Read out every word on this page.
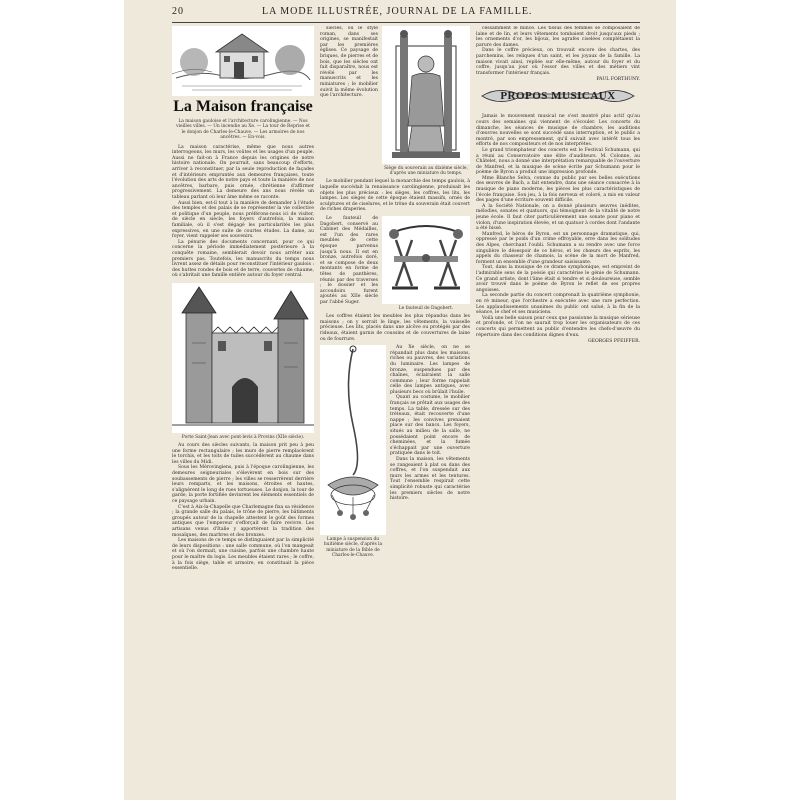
20	LA MODE ILLUSTRÉE, JOURNAL DE LA FAMILLE.
La Maison française
La maison gauloise et l'architecture carolingienne. — Nos vieilles villes. — Un incendie au Xe. — La tour de Reprise et le donjon de Charles-le-Chauve. — Les armoires de nos ancêtres. — En-vois.

La maison caractérise, même que nous autres interrogeons, les murs, les voûtes et les usages d'un peuple. Aussi ne fait-on à France depuis les origines de notre histoire nationale. On pourrait, sans beaucoup d'efforts, arriver à reconstituer, par la seule reproduction de façades et d'intérieurs empruntés aux demeures françaises, toute l'évolution des arts de notre pays et toute la manière de nos ancêtres, barbare, puis ornée, chrétienne d'affirmer progressivement. La demeure des ans nous révèle un tableau parlant où leur âme même se raconte.

Aussi bien, est-il tout à la manière de demander à l'étude des temples et des palais de se représenter la vie collective et politique d'un peuple, nous préférons-nous ici de visiter, de siècle en siècle, les foyers d'autrefois, la maison familiale, où il s'est dégagé les particularités les plus expressives, en une suite de courtes études. La dame, au foyer, vient rappeler ses souvenirs.

La pénurie des documents concernant, pour ce qui concerne la période immédiatement postérieure à la conquête romaine, semblerait devoir nous arrêter aux premiers pas. Toutefois, les manuscrits du temps nous livrent assez de détails pour reconstituer l'intérieur gaulois : des huttes rondes de bois et de terre, couvertes de chaume, où s'abritait une famille entière autour du foyer central.

Porte Saint-Jean avec pont-levis à Provins (XIIe siècle).

Au cours des siècles suivants, la maison prit peu à peu une forme rectangulaire ; les murs de pierre remplacèrent le torchis, et les toits de tuiles succédèrent au chaume dans les villes du Midi.

Sous les Mérovingiens, puis à l'époque carolingienne, les demeures seigneuriales s'élevèrent en bois sur des soubassements de pierre ; les villes se resserrèrent derrière leurs remparts, et les maisons, étroites et hautes, s'alignèrent le long de rues tortueuses. Le donjon, la tour de garde, la porte fortifiée devinrent les éléments essentiels de ce paysage urbain.

C'est à Aix-la-Chapelle que Charlemagne fixa sa résidence ; la grande salle du palais, le trône de pierre, les bâtiments groupés autour de la chapelle attestent le goût des formes antiques que l'empereur s'efforçait de faire revivre. Les artisans venus d'Italie y apportèrent la tradition des mosaïques, des marbres et des bronzes.

Les maisons de ce temps se distinguaient par la simplicité de leurs dispositions : une salle commune, où l'on mangeait et où l'on dormait, une cuisine, parfois une chambre haute pour le maître du logis. Les meubles étaient rares ; le coffre, à la fois siège, table et armoire, en constituait la pièce essentielle.

siècles, où le style roman, dans ses origines, se manifestait par les premières églises. Ce paysage de briques, de pierres et de bois, que les siècles ont fait disparaître, nous est révélé par les manuscrits et les miniatures ; le mobilier suivit la même évolution que l'architecture.

Siège du souverain au dixième siècle, d'après une miniature du temps.

Le mobilier pendant lequel la monarchie des temps gaulois, à laquelle succédait la renaissance carolingienne, produisait les objets les plus précieux : les sièges, les coffres, les lits, les lampes. Les sièges de cette époque étaient massifs, ornés de sculptures et de ciselures, et le trône du souverain était couvert de riches draperies.

Le fauteuil de Dagobert, conservé au Cabinet des Médailles, est l'un des rares meubles de cette époque parvenus jusqu'à nous. Il est en bronze, autrefois doré, et se compose de deux montants en forme de têtes de panthères, réunis par des traverses ; le dossier et les accoudoirs furent ajoutés au XIIe siècle par l'abbé Suger.

Le fauteuil de Dagobert.

Les coffres étaient les meubles les plus répandus dans les maisons ; on y serrait le linge, les vêtements, la vaisselle précieuse. Les lits, placés dans une alcôve ou protégés par des rideaux, étaient garnis de coussins et de couvertures de laine ou de fourrure.

Lampe à suspension du huitième siècle, d'après la miniature de la Bible de Charles-le-Chauve.

Au Xe siècle, on ne se répandait plus dans les maisons, riches ou pauvres, des variations du luminaire. Les lampes de bronze, suspendues par des chaînes, éclairaient la salle commune ; leur forme rappelait celle des lampes antiques, avec plusieurs becs où brûlait l'huile.

Quant au costume, le mobilier français se prêtait aux usages des temps. La table, dressée sur des tréteaux, était recouverte d'une nappe ; les convives prenaient place sur des bancs. Les foyers, situés au milieu de la salle, ne possédaient point encore de cheminées, et la fumée s'échappait par une ouverture pratiquée dans le toit.

Dans la maison, les vêtements se rangeaient à plat ou dans des coffres, et l'on suspendait aux murs les armes et les tentures. Tout l'ensemble respirait cette simplicité robuste qui caractérise les premiers siècles de notre histoire.

cessamment le mince. Les tissus des femmes se composaient de laine et de lin, et leurs vêtements tombaient droit jusqu'aux pieds ; les ornements d'or, les bijoux, les agrafes ciselées complétaient la parure des dames.

Dans le coffre précieux, on trouvait encore des chartes, des parchemins, les reliques d'un saint, et les joyaux de la famille. La maison vivait ainsi, repliée sur elle-même, autour du foyer et du coffre, jusqu'au jour où l'essor des villes et des métiers vint transformer l'intérieur français.

PAUL FORTHUNY.
PROPOS MUSICAUX

Jamais le mouvement musical ne s'est montré plus actif qu'au cours des semaines qui viennent de s'écouler. Les concerts du dimanche, les séances de musique de chambre, les auditions d'œuvres nouvelles se sont succédé sans interruption, et le public a montré, par son empressement, qu'il suivait avec intérêt tous les efforts de nos compositeurs et de nos interprètes.

Le grand triomphateur des concerts est le Festival Schumann, qui a réuni au Conservatoire une élite d'auditeurs. M. Colonne, au Châtelet, nous a donné une interprétation remarquable de l'ouverture de Manfred, et la musique de scène écrite par Schumann pour le poème de Byron a produit une impression profonde.

Mme Blanche Selva, connue du public par ses belles exécutions des œuvres de Bach, a fait entendre, dans une séance consacrée à la musique de piano moderne, les pièces les plus caractéristiques de l'école française. Son jeu, à la fois nerveux et coloré, a mis en valeur des pages d'une écriture souvent difficile.

A la Société Nationale, on a donné plusieurs œuvres inédites, mélodies, sonates et quatuors, qui témoignent de la vitalité de notre jeune école. Il faut citer particulièrement une sonate pour piano et violon, d'une inspiration élevée, et un quatuor à cordes dont l'andante a été bissé.

Manfred, le héros de Byron, est un personnage dramatique, qui, oppressé par le poids d'un crime effroyable, erre dans les solitudes des Alpes, cherchant l'oubli. Schumann a su rendre avec une force singulière le désespoir de ce héros, et les chœurs des esprits, les appels du chasseur de chamois, la scène de la mort de Manfred, forment un ensemble d'une grandeur saisissante.

Tout, dans la musique de ce drame symphonique, est empreint de l'admirable sens de la poésie qui caractérise le génie de Schumann. Ce grand artiste, dont l'âme était si tendre et si douloureuse, semble avoir trouvé dans le poème de Byron le reflet de ses propres angoisses.

La seconde partie du concert comprenait la quatrième symphonie, en ré mineur, que l'orchestre a exécutée avec une rare perfection. Les applaudissements unanimes du public ont salué, à la fin de la séance, le chef et ses musiciens.

Voilà une belle saison pour ceux que passionne la musique sérieuse et profonde, et l'on ne saurait trop louer les organisateurs de ces concerts qui permettent au public d'entendre les chefs-d'œuvre du répertoire dans des conditions dignes d'eux.

GEORGES PFEIFFER.
